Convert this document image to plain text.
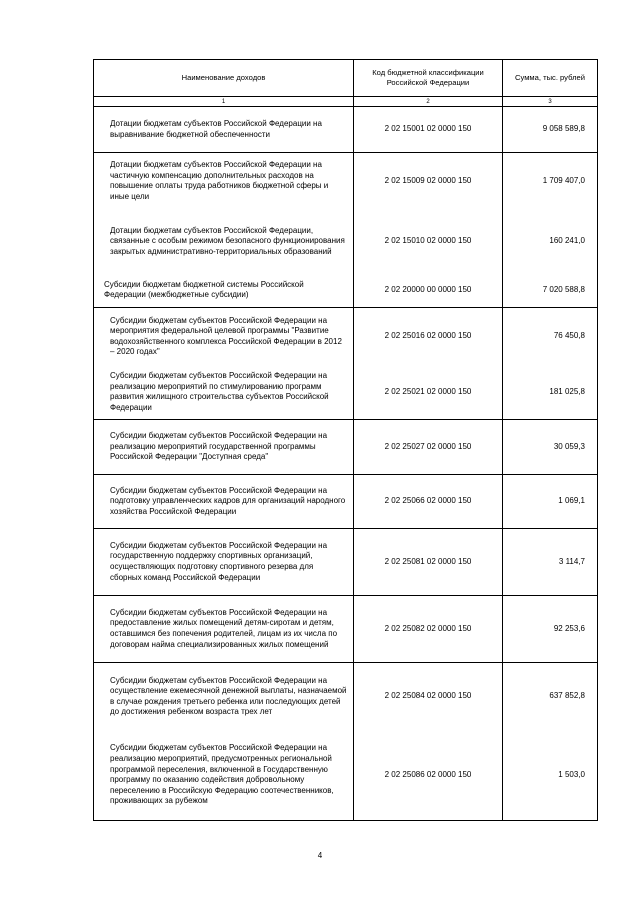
Наименование доходов	Код бюджетной классификации Российской Федерации	Сумма, тыс. рублей
1	2	3
Дотации бюджетам субъектов Российской Федерации на выравнивание бюджетной обеспеченности	2 02 15001 02 0000 150	9 058 589,8
Дотации бюджетам субъектов Российской Федерации на частичную компенсацию дополнительных расходов на повышение оплаты труда работников бюджетной сферы и иные цели	2 02 15009 02 0000 150	1 709 407,0
Дотации бюджетам субъектов Российской Федерации, связанные с особым режимом безопасного функционирования закрытых административно-территориальных образований	2 02 15010 02 0000 150	160 241,0
Субсидии бюджетам бюджетной системы Российской Федерации (межбюджетные субсидии)	2 02 20000 00 0000 150	7 020 588,8
Субсидии бюджетам субъектов Российской Федерации на мероприятия федеральной целевой программы "Развитие водохозяйственного комплекса Российской Федерации в 2012 – 2020 годах"	2 02 25016 02 0000 150	76 450,8
Субсидии бюджетам субъектов Российской Федерации на реализацию мероприятий по стимулированию программ развития жилищного строительства субъектов Российской Федерации	2 02 25021 02 0000 150	181 025,8
Субсидии бюджетам субъектов Российской Федерации на реализацию мероприятий государственной программы Российской Федерации "Доступная среда"	2 02 25027 02 0000 150	30 059,3
Субсидии бюджетам субъектов Российской Федерации на подготовку управленческих кадров для организаций народного хозяйства Российской Федерации	2 02 25066 02 0000 150	1 069,1
Субсидии бюджетам субъектов Российской Федерации на государственную поддержку спортивных организаций, осуществляющих подготовку спортивного резерва для сборных команд Российской Федерации	2 02 25081 02 0000 150	3 114,7
Субсидии бюджетам субъектов Российской Федерации на предоставление жилых помещений детям-сиротам и детям, оставшимся без попечения родителей, лицам из их числа по договорам найма специализированных жилых помещений	2 02 25082 02 0000 150	92 253,6
Субсидии бюджетам субъектов Российской Федерации на осуществление ежемесячной денежной выплаты, назначаемой в случае рождения третьего ребенка или последующих детей до достижения ребенком возраста трех лет	2 02 25084 02 0000 150	637 852,8
Субсидии бюджетам субъектов Российской Федерации на реализацию мероприятий, предусмотренных региональной программой переселения, включенной в Государственную программу по оказанию содействия добровольному переселению в Российскую Федерацию соотечественников, проживающих за рубежом	2 02 25086 02 0000 150	1 503,0
4
